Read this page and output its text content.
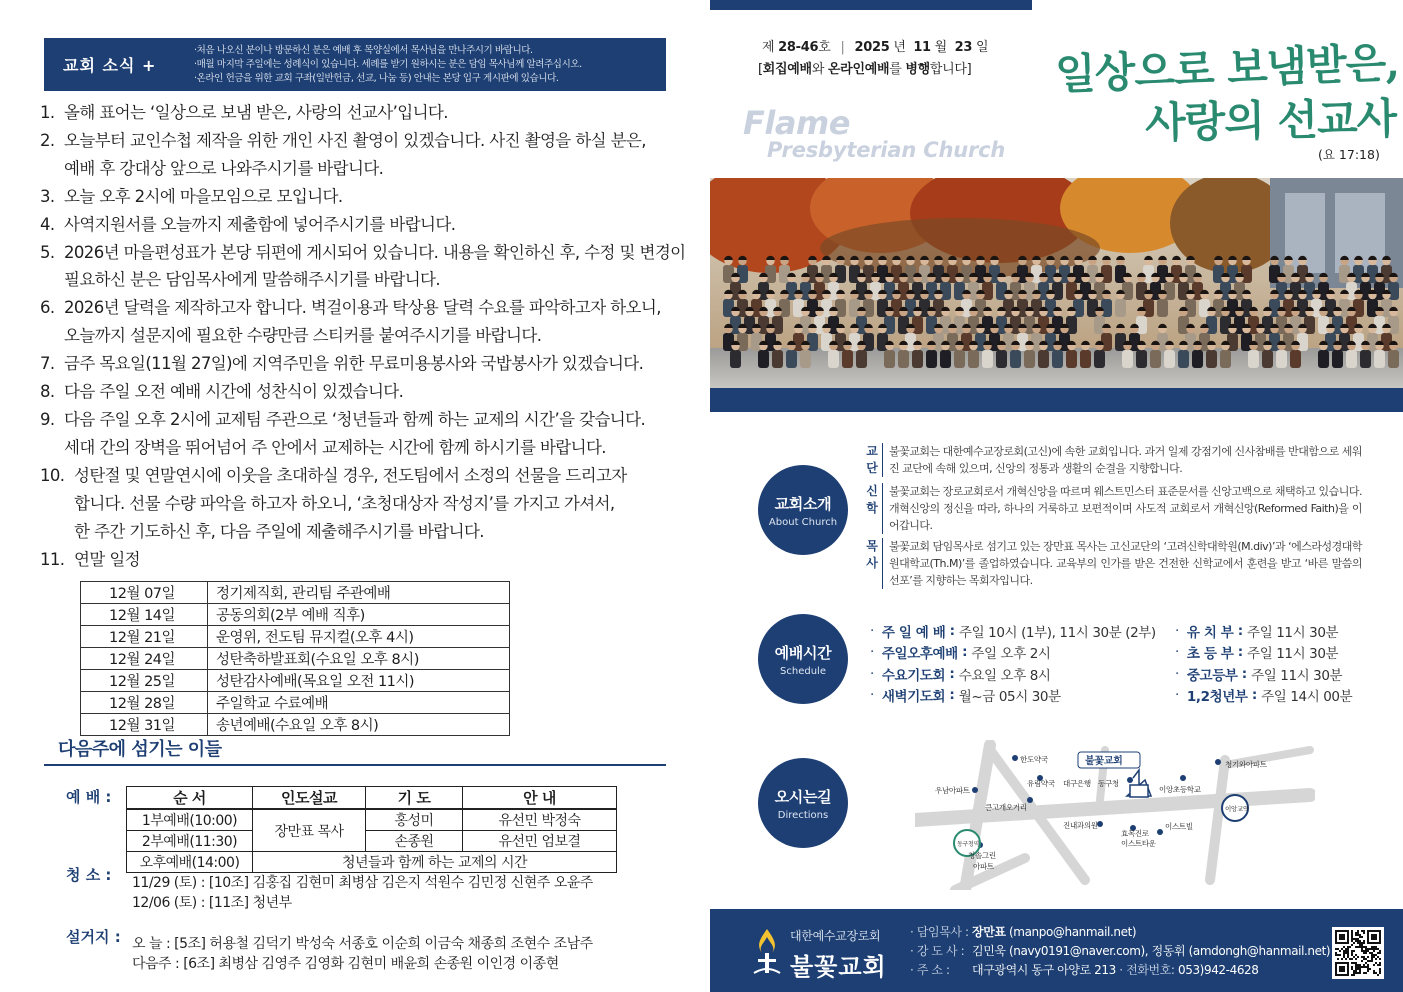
교회 소식 +
·처음 나오신 분이나 방문하신 분은 예배 후 목양실에서 목사님을 만나주시기 바랍니다.
·매월 마지막 주일에는 성례식이 있습니다. 세례를 받기 원하시는 분은 담임 목사님께 알려주십시오.
·온라인 헌금을 위한 교회 구좌(일반헌금, 선교, 나눔 등) 안내는 본당 입구 게시판에 있습니다.
1. 올해 표어는 ‘일상으로 보냄 받은, 사랑의 선교사’입니다.
2. 오늘부터 교인수첩 제작을 위한 개인 사진 촬영이 있겠습니다. 사진 촬영을 하실 분은,
예배 후 강대상 앞으로 나와주시기를 바랍니다.
3. 오늘 오후 2시에 마을모임으로 모입니다.
4. 사역지원서를 오늘까지 제출함에 넣어주시기를 바랍니다.
5. 2026년 마을편성표가 본당 뒤편에 게시되어 있습니다. 내용을 확인하신 후, 수정 및 변경이
필요하신 분은 담임목사에게 말씀해주시기를 바랍니다.
6. 2026년 달력을 제작하고자 합니다. 벽걸이용과 탁상용 달력 수요를 파악하고자 하오니,
오늘까지 설문지에 필요한 수량만큼 스티커를 붙여주시기를 바랍니다.
7. 금주 목요일(11월 27일)에 지역주민을 위한 무료미용봉사와 국밥봉사가 있겠습니다.
8. 다음 주일 오전 예배 시간에 성찬식이 있겠습니다.
9. 다음 주일 오후 2시에 교제팀 주관으로 ‘청년들과 함께 하는 교제의 시간’을 갖습니다.
세대 간의 장벽을 뛰어넘어 주 안에서 교제하는 시간에 함께 하시기를 바랍니다.
10. 성탄절 및 연말연시에 이웃을 초대하실 경우, 전도팀에서 소정의 선물을 드리고자
합니다. 선물 수량 파악을 하고자 하오니, ‘초청대상자 작성지’를 가지고 가셔서,
한 주간 기도하신 후, 다음 주일에 제출해주시기를 바랍니다.
11. 연말 일정
12월 07일	정기제직회, 관리팀 주관예배
12월 14일	공동의회(2부 예배 직후)
12월 21일	운영위, 전도팀 뮤지컬(오후 4시)
12월 24일	성탄축하발표회(수요일 오후 8시)
12월 25일	성탄감사예배(목요일 오전 11시)
12월 28일	주일학교 수료예배
12월 31일	송년예배(수요일 오후 8시)
다음주에 섬기는 이들
예 배 :	순 서	인도설교	기 도	안 내
1부예배(10:00)	장만표 목사	홍성미	유선민 박정숙
2부예배(11:30)		손종원	유선민 엄보결
오후예배(14:00)	청년들과 함께 하는 교제의 시간		
청 소 : 11/29 (토) : [10조] 김홍집 김현미 최병삼 김은지 석원수 김민정 신현주 오윤주
12/06 (토) : [11조] 청년부
설거지 : 오 늘 : [5조] 허용철 김덕기 박성숙 서종호 이순희 이금숙 채종희 조현수 조남주
다음주 : [6조] 최병삼 김영주 김영화 김현미 배윤희 손종원 이인경 이종현
제 28-46호 | 2025 년 11 월 23 일
[회집예배와 온라인예배를 병행합니다]
Flame
Presbyterian Church
일상으로 보냄받은,
사랑의 선교사
(요 17:18)
교회소개
About Church
교
단
불꽃교회는 대한예수교장로회(고신)에 속한 교회입니다. 과거 일제 강점기에 신사참배를 반대함으로 세워진 교단에 속해 있으며, 신앙의 정통과 생활의 순결을 지향합니다.
신
학
불꽃교회는 장로교회로서 개혁신앙을 따르며 웨스트민스터 표준문서를 신앙고백으로 채택하고 있습니다. 개혁신앙의 정신을 따라, 하나의 거룩하고 보편적이며 사도적 교회로서 개혁신앙(Reformed Faith)을 이어갑니다.
목
사
불꽃교회 담임목사로 섬기고 있는 장만표 목사는 고신교단의 ‘고려신학대학원(M.div)’과 ‘에스라성경대학원대학교(Th.M)’를 졸업하였습니다. 교육부의 인가를 받은 건전한 신학교에서 훈련을 받고 ‘바른 말씀의 선포’를 지향하는 목회자입니다.
예배시간
Schedule
· 주 일 예 배 : 주일 10시 (1부), 11시 30분 (2부) · 유 치 부 : 주일 11시 30분
· 주일오후예배 : 주일 오후 2시	· 초 등 부 : 주일 11시 30분
· 수요기도회 : 수요일 오후 8시	· 중고등부 : 주일 11시 30분
· 새벽기도회 : 월~금 05시 30분	· 1,2청년부 : 주일 14시 00분
오시는길
Directions
한도약국	불꽃교회
유림약국 대구은행 동구청
우남아파트
큰고개오거리
진내과의원
효목진로
이스트타운
이앙초등학교
이앙교역
이스트빌
청기와아파트
동구청역
청솔그린
아파트
대한예수교장로회
불꽃교회
· 담임목사 : 장만표 (manpo@hanmail.net)
· 강 도 사 : 김민욱 (navy0191@naver.com), 정동휘 (amdongh@hanmail.net)
· 주 소 : 대구광역시 동구 아양로 213 · 전화번호: 053)942-4628
